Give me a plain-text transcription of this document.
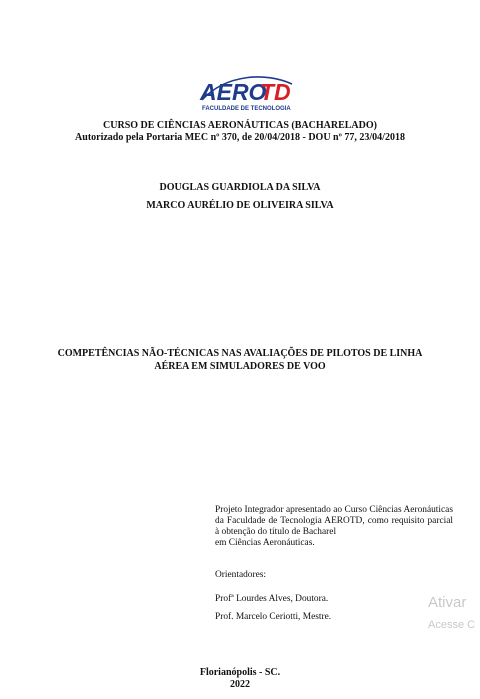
AERO
TD
FACULDADE DE TECNOLOGIA
CURSO DE CIÊNCIAS AERONÁUTICAS (BACHARELADO)
Autorizado pela Portaria MEC nº 370, de 20/04/2018 - DOU nº 77, 23/04/2018
DOUGLAS GUARDIOLA DA SILVA
MARCO AURÉLIO DE OLIVEIRA SILVA
COMPETÊNCIAS NÃO-TÉCNICAS NAS AVALIAÇÕES DE PILOTOS DE LINHA
AÉREA EM SIMULADORES DE VOO
Projeto Integrador apresentado ao Curso Ciências Aeronáuticas da Faculdade de Tecnologia AEROTD, como requisito parcial à obtenção do título de Bacharel
em Ciências Aeronáuticas.
Orientadores:
Profª Lourdes Alves, Doutora.
Prof. Marcelo Ceriotti, Mestre.
Florianópolis - SC.
2022
Ativar
Acesse C
